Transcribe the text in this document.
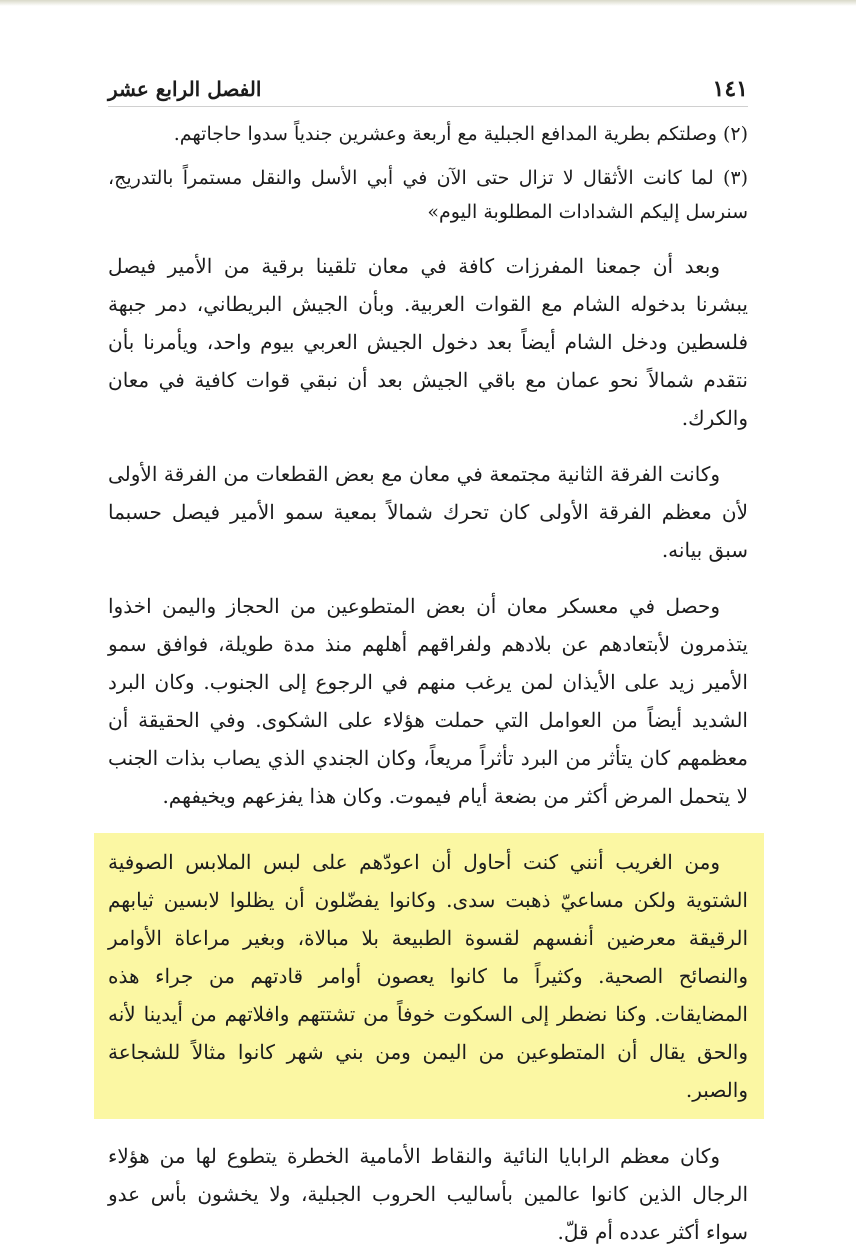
١٤١
الفصل الرابع عشر

(٢) وصلتكم بطرية المدافع الجبلية مع أربعة وعشرين جندياً سدوا حاجاتهم.

(٣) لما كانت الأثقال لا تزال حتى الآن في أبي الأسل والنقل مستمراً بالتدريج، سنرسل إليكم الشدادات المطلوبة اليوم»

وبعد أن جمعنا المفرزات كافة في معان تلقينا برقية من الأمير فيصل يبشرنا بدخوله الشام مع القوات العربية. وبأن الجيش البريطاني، دمر جبهة فلسطين ودخل الشام أيضاً بعد دخول الجيش العربي بيوم واحد، ويأمرنا بأن نتقدم شمالاً نحو عمان مع باقي الجيش بعد أن نبقي قوات كافية في معان والكرك.

وكانت الفرقة الثانية مجتمعة في معان مع بعض القطعات من الفرقة الأولى لأن معظم الفرقة الأولى كان تحرك شمالاً بمعية سمو الأمير فيصل حسبما سبق بيانه.

وحصل في معسكر معان أن بعض المتطوعين من الحجاز واليمن اخذوا يتذمرون لأبتعادهم عن بلادهم ولفراقهم أهلهم منذ مدة طويلة، فوافق سمو الأمير زيد على الأيذان لمن يرغب منهم في الرجوع إلى الجنوب. وكان البرد الشديد أيضاً من العوامل التي حملت هؤلاء على الشكوى. وفي الحقيقة أن معظمهم كان يتأثر من البرد تأثراً مريعاً، وكان الجندي الذي يصاب بذات الجنب لا يتحمل المرض أكثر من بضعة أيام فيموت. وكان هذا يفزعهم ويخيفهم.

ومن الغريب أنني كنت أحاول أن اعودّهم على لبس الملابس الصوفية الشتوية ولكن مساعيّ ذهبت سدى. وكانوا يفضّلون أن يظلوا لابسين ثيابهم الرقيقة معرضين أنفسهم لقسوة الطبيعة بلا مبالاة، وبغير مراعاة الأوامر والنصائح الصحية. وكثيراً ما كانوا يعصون أوامر قادتهم من جراء هذه المضايقات. وكنا نضطر إلى السكوت خوفاً من تشتتهم وافلاتهم من أيدينا لأنه والحق يقال أن المتطوعين من اليمن ومن بني شهر كانوا مثالاً للشجاعة والصبر.

وكان معظم الرابايا النائية والنقاط الأمامية الخطرة يتطوع لها من هؤلاء الرجال الذين كانوا عالمين بأساليب الحروب الجبلية، ولا يخشون بأس عدو سواء أكثر عدده أم قلّ.
